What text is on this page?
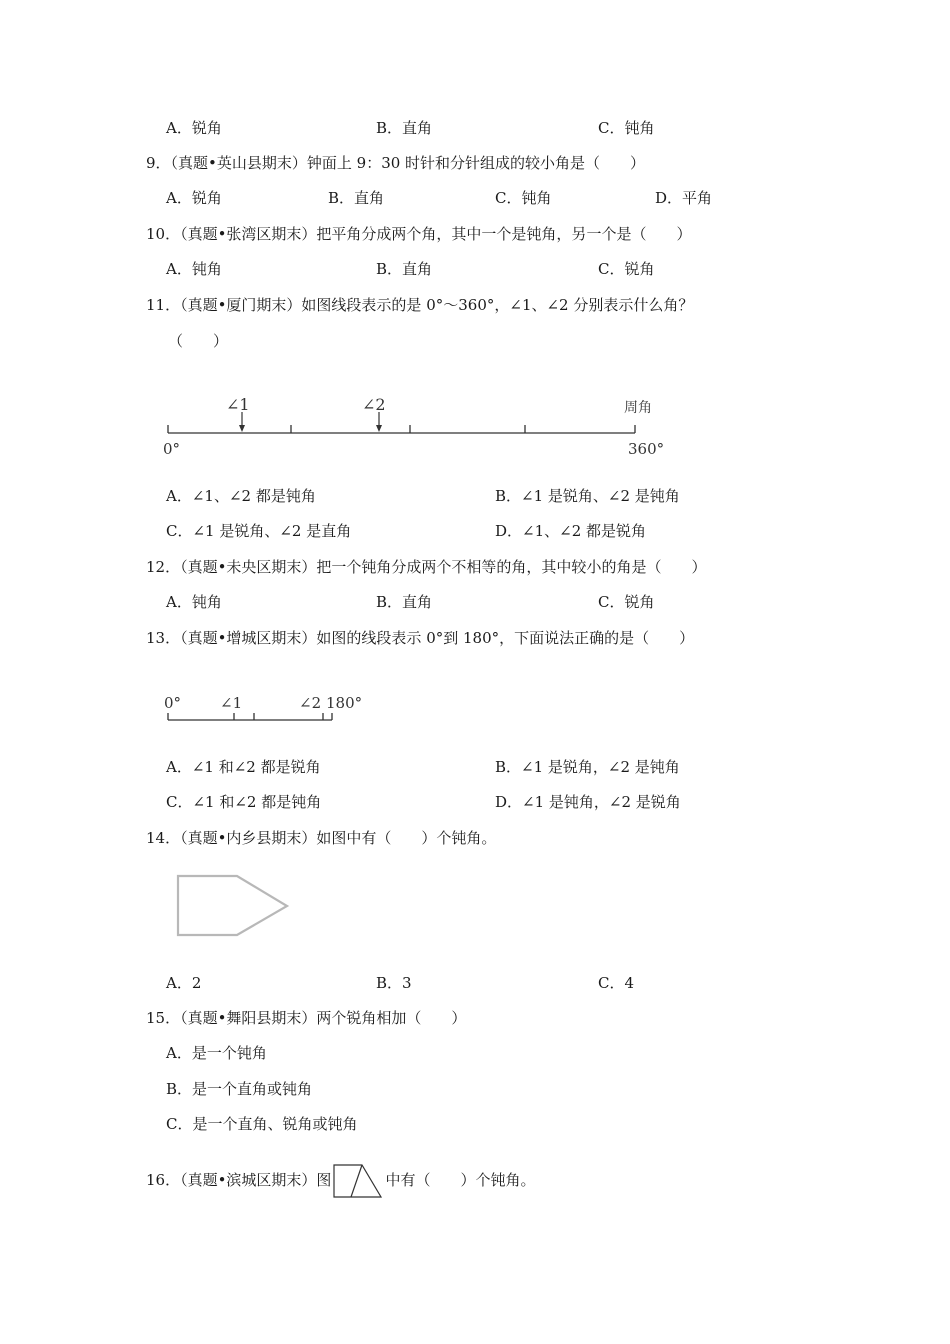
A．锐角	B．直角	C．钝角
9．（真题•英山县期末）钟面上 9：30 时针和分针组成的较小角是（　　）
A．锐角	B．直角	C．钝角	D．平角
10．（真题•张湾区期末）把平角分成两个角，其中一个是钝角，另一个是（　　）
A．钝角	B．直角	C．锐角
11．（真题•厦门期末）如图线段表示的是 0°～360°，∠1、∠2 分别表示什么角？
（　　）
∠1	∠2	周角
0°	360°
A．∠1、∠2 都是钝角	B．∠1 是锐角、∠2 是钝角
C．∠1 是锐角、∠2 是直角	D．∠1、∠2 都是锐角
12．（真题•未央区期末）把一个钝角分成两个不相等的角，其中较小的角是（　　）
A．钝角	B．直角	C．锐角
13．（真题•增城区期末）如图的线段表示 0°到 180°，下面说法正确的是（　　）
0°	∠1	∠2 180°
A．∠1 和∠2 都是锐角	B．∠1 是锐角，∠2 是钝角
C．∠1 和∠2 都是钝角	D．∠1 是钝角，∠2 是锐角
14．（真题•内乡县期末）如图中有（　　）个钝角。
A．2	B．3	C．4
15．（真题•舞阳县期末）两个锐角相加（　　）
A．是一个钝角
B．是一个直角或钝角
C．是一个直角、锐角或钝角
16．（真题•滨城区期末）图	中有（　　）个钝角。
